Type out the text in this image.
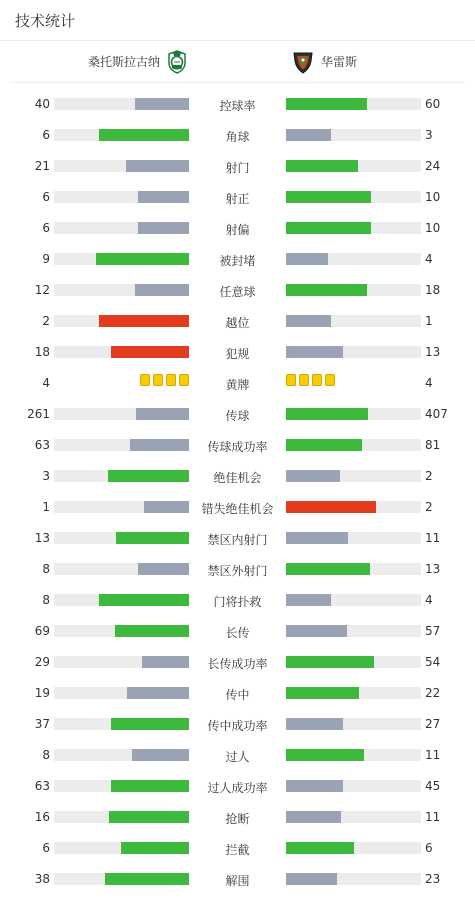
技术统计
桑托斯拉古纳	华雷斯
40	控球率	60
6	角球	3
21	射门	24
6	射正	10
6	射偏	10
9	被封堵	4
12	任意球	18
2	越位	1
18	犯规	13
4	黄牌	4
261	传球	407
63	传球成功率	81
3	绝佳机会	2
1	错失绝佳机会	2
13	禁区内射门	11
8	禁区外射门	13
8	门将扑救	4
69	长传	57
29	长传成功率	54
19	传中	22
37	传中成功率	27
8	过人	11
63	过人成功率	45
16	抢断	11
6	拦截	6
38	解围	23
